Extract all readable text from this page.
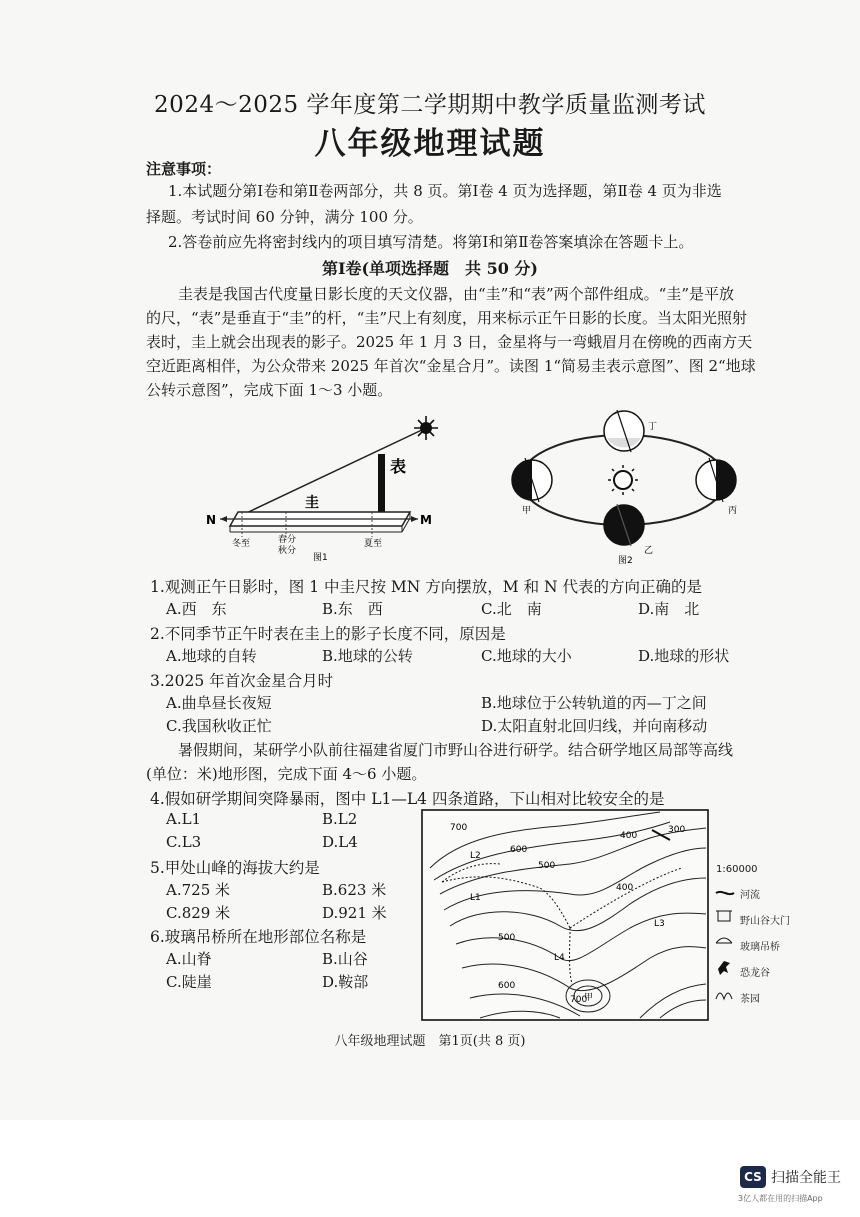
2024～2025 学年度第二学期期中教学质量监测考试
八年级地理试题
注意事项：
1.本试题分第Ⅰ卷和第Ⅱ卷两部分，共 8 页。第Ⅰ卷 4 页为选择题，第Ⅱ卷 4 页为非选
择题。考试时间 60 分钟，满分 100 分。
2.答卷前应先将密封线内的项目填写清楚。将第Ⅰ和第Ⅱ卷答案填涂在答题卡上。
第Ⅰ卷(单项选择题　共 50 分)
圭表是我国古代度量日影长度的天文仪器，由“圭”和“表”两个部件组成。“圭”是平放
的尺，“表”是垂直于“圭”的杆，“圭”尺上有刻度，用来标示正午日影的长度。当太阳光照射
表时，圭上就会出现表的影子。2025 年 1 月 3 日，金星将与一弯蛾眉月在傍晚的西南方天
空近距离相伴，为公众带来 2025 年首次“金星合月”。读图 1“简易圭表示意图”、图 2“地球
公转示意图”，完成下面 1～3 小题。
表
圭
N	M
冬至	春分
秋分
夏至
图1
甲
乙
丙
丁
图2
1.观测正午日影时，图 1 中圭尺按 MN 方向摆放，M 和 N 代表的方向正确的是
A.西　东	B.东　西	C.北　南	D.南　北
2.不同季节正午时表在圭上的影子长度不同，原因是
A.地球的自转	B.地球的公转	C.地球的大小	D.地球的形状
3.2025 年首次金星合月时
A.曲阜昼长夜短	B.地球位于公转轨道的丙—丁之间
C.我国秋收正忙	D.太阳直射北回归线，并向南移动
暑假期间，某研学小队前往福建省厦门市野山谷进行研学。结合研学地区局部等高线
(单位：米)地形图，完成下面 4～6 小题。
4.假如研学期间突降暴雨，图中 L1—L4 四条道路，下山相对比较安全的是
A.L1	B.L2
C.L3	D.L4
5.甲处山峰的海拔大约是
A.725 米	B.623 米
C.829 米	D.921 米
6.玻璃吊桥所在地形部位名称是
A.山脊	B.山谷
C.陡崖	D.鞍部
700
600
500
400
300
400
500
600
700
甲
L1
L2
L3
L4
1:60000
河流
野山谷大门
玻璃吊桥
恐龙谷
茶园
八年级地理试题　第1页(共 8 页)
CS 扫描全能王
3亿人都在用的扫描App
